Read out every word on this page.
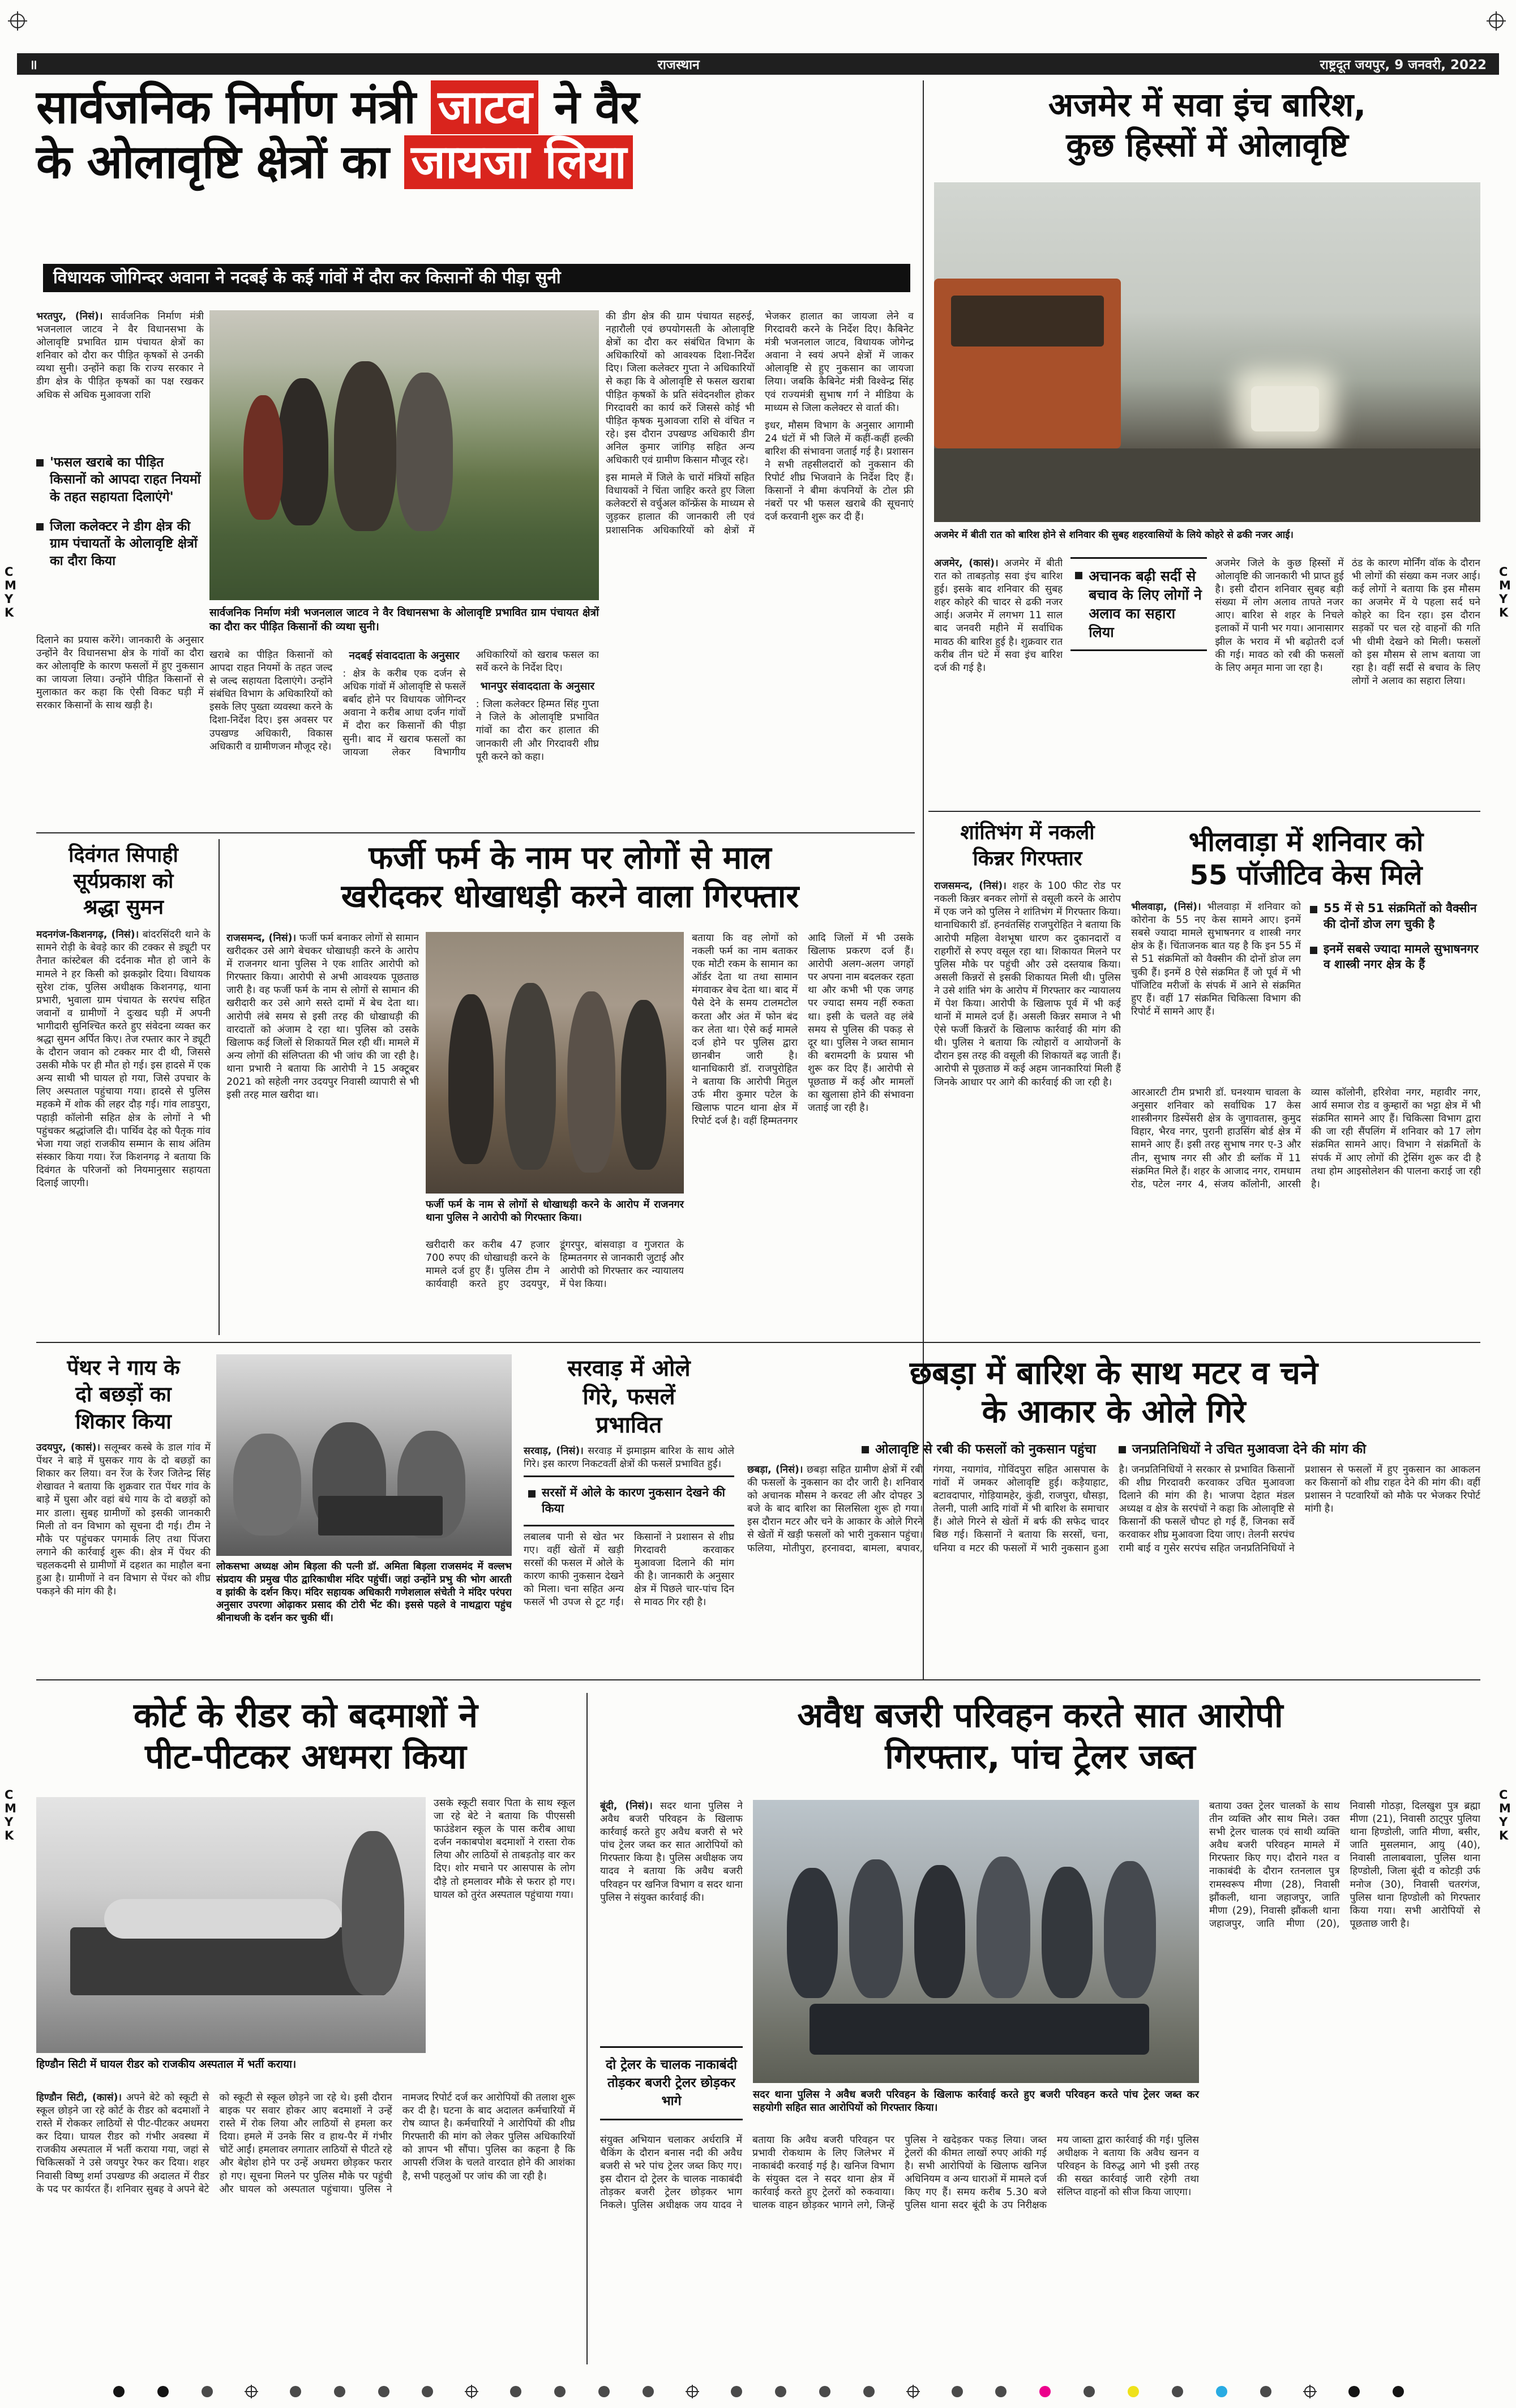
C
M
Y
K
C
M
Y
K
C
M
Y
K
C
M
Y
K
॥	राजस्थान	राष्ट्रदूत जयपुर, 9 जनवरी, 2022
सार्वजनिक निर्माण मंत्री जाटव ने वैर
के ओलावृष्टि क्षेत्रों का जायजा लिया
विधायक जोगिन्दर अवाना ने नदबई के कई गांवों में दौरा कर किसानों की पीड़ा सुनी

भरतपुर, (निसं)। सार्वजनिक निर्माण मंत्री भजनलाल जाटव ने वैर विधानसभा के ओलावृष्टि प्रभावित ग्राम पंचायत क्षेत्रों का शनिवार को दौरा कर पीड़ित कृषकों से उनकी व्यथा सुनी। उन्होंने कहा कि राज्य सरकार ने डीग क्षेत्र के पीड़ित कृषकों का पक्ष रखकर अधिक से अधिक मुआवजा राशि

'फसल खराबे का पीड़ित किसानों को आपदा राहत नियमों के तहत सहायता दिलाएंगे'
जिला कलेक्टर ने डीग क्षेत्र की ग्राम पंचायतों के ओलावृष्टि क्षेत्रों का दौरा किया

दिलाने का प्रयास करेंगे। जानकारी के अनुसार उन्होंने वैर विधानसभा क्षेत्र के गांवों का दौरा कर ओलावृष्टि के कारण फसलों में हुए नुकसान का जायजा लिया। उन्होंने पीड़ित किसानों से मुलाकात कर कहा कि ऐसी विकट घड़ी में सरकार किसानों के साथ खड़ी है।

सार्वजनिक निर्माण मंत्री भजनलाल जाटव ने वैर विधानसभा के ओलावृष्टि प्रभावित ग्राम पंचायत क्षेत्रों का दौरा कर पीड़ित किसानों की व्यथा सुनी।

खराबे का पीड़ित किसानों को आपदा राहत नियमों के तहत जल्द से जल्द सहायता दिलाएंगे। उन्होंने संबंधित विभाग के अधिकारियों को इसके लिए पुख्ता व्यवस्था करने के दिशा-निर्देश दिए। इस अवसर पर उपखण्ड अधिकारी, विकास अधिकारी व ग्रामीणजन मौजूद रहे।

नदबई संवाददाता के अनुसार

: क्षेत्र के करीब एक दर्जन से अधिक गांवों में ओलावृष्टि से फसलें बर्बाद होने पर विधायक जोगिन्दर अवाना ने करीब आधा दर्जन गांवों में दौरा कर किसानों की पीड़ा सुनी। बाद में खराब फसलों का जायजा लेकर विभागीय अधिकारियों को खराब फसल का सर्वे करने के निर्देश दिए।

भानपुर संवाददाता के अनुसार

: जिला कलेक्टर हिम्मत सिंह गुप्ता ने जिले के ओलावृष्टि प्रभावित गांवों का दौरा कर हालात की जानकारी ली और गिरदावरी शीघ्र पूरी करने को कहा।

की डीग क्षेत्र की ग्राम पंचायत सहरुई, नहारौली एवं छपयोगसती के ओलावृष्टि क्षेत्रों का दौरा कर संबंधित विभाग के अधिकारियों को आवश्यक दिशा-निर्देश दिए। जिला कलेक्टर गुप्ता ने अधिकारियों से कहा कि वे ओलावृष्टि से फसल खराबा पीड़ित कृषकों के प्रति संवेदनशील होकर गिरदावरी का कार्य करें जिससे कोई भी पीड़ित कृषक मुआवजा राशि से वंचित न रहे। इस दौरान उपखण्ड अधिकारी डीग अनिल कुमार जांगिड़ सहित अन्य अधिकारी एवं ग्रामीण किसान मौजूद रहे।

इस मामले में जिले के चारों मंत्रियों सहित विधायकों ने चिंता जाहिर करते हुए जिला कलेक्टरों से वर्चुअल कॉन्फ्रेंस के माध्यम से जुड़कर हालात की जानकारी ली एवं प्रशासनिक अधिकारियों को क्षेत्रों में भेजकर हालात का जायजा लेने व गिरदावरी करने के निर्देश दिए। कैबिनेट मंत्री भजनलाल जाटव, विधायक जोगेन्द्र अवाना ने स्वयं अपने क्षेत्रों में जाकर ओलावृष्टि से हुए नुकसान का जायजा लिया। जबकि कैबिनेट मंत्री विश्वेन्द्र सिंह एवं राज्यमंत्री सुभाष गर्ग ने मीडिया के माध्यम से जिला कलेक्टर से वार्ता की।

इधर, मौसम विभाग के अनुसार आगामी 24 घंटों में भी जिले में कहीं-कहीं हल्की बारिश की संभावना जताई गई है। प्रशासन ने सभी तहसीलदारों को नुकसान की रिपोर्ट शीघ्र भिजवाने के निर्देश दिए हैं। किसानों ने बीमा कंपनियों के टोल फ्री नंबरों पर भी फसल खराबे की सूचनाएं दर्ज करवानी शुरू कर दी हैं।

अजमेर में सवा इंच बारिश,
कुछ हिस्सों में ओलावृष्टि
अजमेर में बीती रात को बारिश होने से शनिवार की सुबह शहरवासियों के लिये कोहरे से ढकी नजर आई।

अजमेर, (कासं)। अजमेर में बीती रात को ताबड़तोड़ सवा इंच बारिश हुई। इसके बाद शनिवार की सुबह शहर कोहरे की चादर से ढकी नजर आई। अजमेर में लगभग 11 साल बाद जनवरी महीने में सर्वाधिक मावठ की बारिश हुई है। शुक्रवार रात करीब तीन घंटे में सवा इंच बारिश दर्ज की गई है।

अचानक बढ़ी सर्दी से बचाव के लिए लोगों ने अलाव का सहारा लिया

अजमेर जिले के कुछ हिस्सों में ओलावृष्टि की जानकारी भी प्राप्त हुई है। इसी दौरान शनिवार सुबह बड़ी संख्या में लोग अलाव तापते नजर आए। बारिश से शहर के निचले इलाकों में पानी भर गया। आनासागर झील के भराव में भी बढ़ोतरी दर्ज की गई। मावठ को रबी की फसलों के लिए अमृत माना जा रहा है।

ठंड के कारण मोर्निंग वॉक के दौरान भी लोगों की संख्या कम नजर आई। कई लोगों ने बताया कि इस मौसम का अजमेर में ये पहला सर्द घने कोहरे का दिन रहा। इस दौरान सड़कों पर चल रहे वाहनों की गति भी धीमी देखने को मिली। फसलों को इस मौसम से लाभ बताया जा रहा है। वहीं सर्दी से बचाव के लिए लोगों ने अलाव का सहारा लिया।

दिवंगत सिपाही
सूर्यप्रकाश को
श्रद्धा सुमन

मदनगंज-किशनगढ़, (निसं)। बांदरसिंदरी थाने के सामने रोड़ी के बेवड़े कार की टक्कर से ड्यूटी पर तैनात कांस्टेबल की दर्दनाक मौत हो जाने के मामले ने हर किसी को झकझोर दिया। विधायक सुरेश टांक, पुलिस अधीक्षक किशनगढ़, थाना प्रभारी, भुवाला ग्राम पंचायत के सरपंच सहित जवानों व ग्रामीणों ने दुःखद घड़ी में अपनी भागीदारी सुनिश्चित करते हुए संवेदना व्यक्त कर श्रद्धा सुमन अर्पित किए। तेज रफ्तार कार ने ड्यूटी के दौरान जवान को टक्कर मार दी थी, जिससे उसकी मौके पर ही मौत हो गई। इस हादसे में एक अन्य साथी भी घायल हो गया, जिसे उपचार के लिए अस्पताल पहुंचाया गया। हादसे से पुलिस महकमे में शोक की लहर दौड़ गई। गांव लाडपुरा, पहाड़ी कॉलोनी सहित क्षेत्र के लोगों ने भी पहुंचकर श्रद्धांजलि दी। पार्थिव देह को पैतृक गांव भेजा गया जहां राजकीय सम्मान के साथ अंतिम संस्कार किया गया। रेंज किशनगढ़ ने बताया कि दिवंगत के परिजनों को नियमानुसार सहायता दिलाई जाएगी।

फर्जी फर्म के नाम पर लोगों से माल
खरीदकर धोखाधड़ी करने वाला गिरफ्तार

राजसमन्द, (निसं)। फर्जी फर्म बनाकर लोगों से सामान खरीदकर उसे आगे बेचकर धोखाधड़ी करने के आरोप में राजनगर थाना पुलिस ने एक शातिर आरोपी को गिरफ्तार किया। आरोपी से अभी आवश्यक पूछताछ जारी है। वह फर्जी फर्म के नाम से लोगों से सामान की खरीदारी कर उसे आगे सस्ते दामों में बेच देता था। आरोपी लंबे समय से इसी तरह की धोखाधड़ी की वारदातों को अंजाम दे रहा था। पुलिस को उसके खिलाफ कई जिलों से शिकायतें मिल रही थीं। मामले में अन्य लोगों की संलिप्तता की भी जांच की जा रही है। थाना प्रभारी ने बताया कि आरोपी ने 15 अक्टूबर 2021 को सहेली नगर उदयपुर निवासी व्यापारी से भी इसी तरह माल खरीदा था।

फर्जी फर्म के नाम से लोगों से धोखाधड़ी करने के आरोप में राजनगर थाना पुलिस ने आरोपी को गिरफ्तार किया।

खरीदारी कर करीब 47 हजार 700 रुपए की धोखाधड़ी करने के मामले दर्ज हुए हैं। पुलिस टीम ने कार्यवाही करते हुए उदयपुर, डूंगरपुर, बांसवाड़ा व गुजरात के हिम्मतनगर से जानकारी जुटाई और आरोपी को गिरफ्तार कर न्यायालय में पेश किया।

बताया कि वह लोगों को नकली फर्म का नाम बताकर एक मोटी रकम के सामान का ऑर्डर देता था तथा सामान मंगवाकर बेच देता था। बाद में पैसे देने के समय टालमटोल करता और अंत में फोन बंद कर लेता था। ऐसे कई मामले दर्ज होने पर पुलिस द्वारा छानबीन जारी है। थानाधिकारी डॉ. राजपुरोहित ने बताया कि आरोपी मितुल उर्फ मीरा कुमार पटेल के खिलाफ पाटन थाना क्षेत्र में रिपोर्ट दर्ज है। वहीं हिम्मतनगर आदि जिलों में भी उसके खिलाफ प्रकरण दर्ज हैं। आरोपी अलग-अलग जगहों पर अपना नाम बदलकर रहता था और कभी भी एक जगह पर ज्यादा समय नहीं रुकता था। इसी के चलते वह लंबे समय से पुलिस की पकड़ से दूर था। पुलिस ने जब्त सामान की बरामदगी के प्रयास भी शुरू कर दिए हैं। आरोपी से पूछताछ में कई और मामलों का खुलासा होने की संभावना जताई जा रही है।

शांतिभंग में नकली
किन्नर गिरफ्तार

राजसमन्द, (निसं)। शहर के 100 फीट रोड पर नकली किन्नर बनकर लोगों से वसूली करने के आरोप में एक जने को पुलिस ने शांतिभंग में गिरफ्तार किया। थानाधिकारी डॉ. हनवंतसिंह राजपुरोहित ने बताया कि आरोपी महिला वेशभूषा धारण कर दुकानदारों व राहगीरों से रुपए वसूल रहा था। शिकायत मिलने पर पुलिस मौके पर पहुंची और उसे दस्तयाब किया। असली किन्नरों से इसकी शिकायत मिली थी। पुलिस ने उसे शांति भंग के आरोप में गिरफ्तार कर न्यायालय में पेश किया। आरोपी के खिलाफ पूर्व में भी कई थानों में मामले दर्ज हैं। असली किन्नर समाज ने भी ऐसे फर्जी किन्नरों के खिलाफ कार्रवाई की मांग की थी। पुलिस ने बताया कि त्योहारों व आयोजनों के दौरान इस तरह की वसूली की शिकायतें बढ़ जाती हैं। आरोपी से पूछताछ में कई अहम जानकारियां मिली हैं जिनके आधार पर आगे की कार्रवाई की जा रही है।

भीलवाड़ा में शनिवार को
55 पॉजीटिव केस मिले

भीलवाड़ा, (निसं)। भीलवाड़ा में शनिवार को कोरोना के 55 नए केस सामने आए। इनमें सबसे ज्यादा मामले सुभाषनगर व शास्त्री नगर क्षेत्र के हैं। चिंताजनक बात यह है कि इन 55 में से 51 संक्रमितों को वैक्सीन की दोनों डोज लग चुकी हैं। इनमें 8 ऐसे संक्रमित हैं जो पूर्व में भी पॉजिटिव मरीजों के संपर्क में आने से संक्रमित हुए हैं। वहीं 17 संक्रमित चिकित्सा विभाग की रिपोर्ट में सामने आए हैं।

55 में से 51 संक्रमितों को वैक्सीन की दोनों डोज लग चुकी है
इनमें सबसे ज्यादा मामले सुभाषनगर व शास्त्री नगर क्षेत्र के हैं

आरआरटी टीम प्रभारी डॉ. घनश्याम चावला के अनुसार शनिवार को सर्वाधिक 17 केस शास्त्रीनगर डिस्पेंसरी क्षेत्र के जुगावतास, कुमुद विहार, भैरव नगर, पुरानी हाउसिंग बोर्ड क्षेत्र में सामने आए हैं। इसी तरह सुभाष नगर ए-3 और तीन, सुभाष नगर सी और डी ब्लॉक में 11 संक्रमित मिले हैं। शहर के आजाद नगर, रामधाम रोड, पटेल नगर 4, संजय कॉलोनी, आरसी व्यास कॉलोनी, हरिशेवा नगर, महावीर नगर, आर्य समाज रोड व कुम्हारों का भट्टा क्षेत्र में भी संक्रमित सामने आए हैं। चिकित्सा विभाग द्वारा की जा रही सैंपलिंग में शनिवार को 17 लोग संक्रमित सामने आए। विभाग ने संक्रमितों के संपर्क में आए लोगों की ट्रेसिंग शुरू कर दी है तथा होम आइसोलेशन की पालना कराई जा रही है।

पेंथर ने गाय के
दो बछड़ों का
शिकार किया

उदयपुर, (कासं)। सलूम्बर कस्बे के डाल गांव में पेंथर ने बाड़े में घुसकर गाय के दो बछड़ों का शिकार कर लिया। वन रेंज के रेंजर जितेन्द्र सिंह शेखावत ने बताया कि शुक्रवार रात पेंथर गांव के बाड़े में घुसा और वहां बंधे गाय के दो बछड़ों को मार डाला। सुबह ग्रामीणों को इसकी जानकारी मिली तो वन विभाग को सूचना दी गई। टीम ने मौके पर पहुंचकर पगमार्क लिए तथा पिंजरा लगाने की कार्रवाई शुरू की। क्षेत्र में पेंथर की चहलकदमी से ग्रामीणों में दहशत का माहौल बना हुआ है। ग्रामीणों ने वन विभाग से पेंथर को शीघ्र पकड़ने की मांग की है।

लोकसभा अध्यक्ष ओम बिड़ला की पत्नी डॉ. अमिता बिड़ला राजसमंद में वल्लभ संप्रदाय की प्रमुख पीठ द्वारिकाधीश मंदिर पहुंचीं। जहां उन्होंने प्रभु की भोग आरती व झांकी के दर्शन किए। मंदिर सहायक अधिकारी गणेशलाल संचेती ने मंदिर परंपरा अनुसार उपरणा ओढ़ाकर प्रसाद की टोरी भेंट की। इससे पहले वे नाथद्वारा पहुंच श्रीनाथजी के दर्शन कर चुकी थीं।
सरवाड़ में ओले
गिरे, फसलें
प्रभावित

सरवाड़, (निसं)। सरवाड़ में झमाझम बारिश के साथ ओले गिरे। इस कारण निकटवर्ती क्षेत्रों की फसलें प्रभावित हुईं।

सरसों में ओले के कारण नुकसान देखने की किया

लबालब पानी से खेत भर गए। वहीं खेतों में खड़ी सरसों की फसल में ओले के कारण काफी नुकसान देखने को मिला। चना सहित अन्य फसलें भी उपज से टूट गईं। किसानों ने प्रशासन से शीघ्र गिरदावरी करवाकर मुआवजा दिलाने की मांग की है। जानकारी के अनुसार क्षेत्र में पिछले चार-पांच दिन से मावठ गिर रही है।

छबड़ा में बारिश के साथ मटर व चने
के आकार के ओले गिरे
ओलावृष्टि से रबी की फसलों को नुकसान पहुंचा	जनप्रतिनिधियों ने उचित मुआवजा देने की मांग की

छबड़ा, (निसं)। छबड़ा सहित ग्रामीण क्षेत्रों में रबी की फसलों के नुकसान का दौर जारी है। शनिवार को अचानक मौसम ने करवट ली और दोपहर 3 बजे के बाद बारिश का सिलसिला शुरू हो गया। इस दौरान मटर और चने के आकार के ओले गिरने से खेतों में खड़ी फसलों को भारी नुकसान पहुंचा। फलिया, मोतीपुरा, हरनावदा, बामला, बपावर, गंगया, नयागांव, गोविंदपुरा सहित आसपास के गांवों में जमकर ओलावृष्टि हुई। कड़ैयाहाट, बटावदापार, गोड़ियामहेर, कुंडी, राजपुरा, धौसड़ा, तेलनी, पाली आदि गांवों में भी बारिश के समाचार हैं। ओले गिरने से खेतों में बर्फ की सफेद चादर बिछ गई। किसानों ने बताया कि सरसों, चना, धनिया व मटर की फसलों में भारी नुकसान हुआ है। जनप्रतिनिधियों ने सरकार से प्रभावित किसानों की शीघ्र गिरदावरी करवाकर उचित मुआवजा दिलाने की मांग की है। भाजपा देहात मंडल अध्यक्ष व क्षेत्र के सरपंचों ने कहा कि ओलावृष्टि से किसानों की फसलें चौपट हो गई हैं, जिनका सर्वे करवाकर शीघ्र मुआवजा दिया जाए। तेलनी सरपंच रामी बाई व गुसेर सरपंच सहित जनप्रतिनिधियों ने प्रशासन से फसलों में हुए नुकसान का आकलन कर किसानों को शीघ्र राहत देने की मांग की। वहीं प्रशासन ने पटवारियों को मौके पर भेजकर रिपोर्ट मांगी है।

कोर्ट के रीडर को बदमाशों ने
पीट-पीटकर अधमरा किया
हिण्डौन सिटी में घायल रीडर को राजकीय अस्पताल में भर्ती कराया।

उसके स्कूटी सवार पिता के साथ स्कूल जा रहे बेटे ने बताया कि पीएससी फाउंडेशन स्कूल के पास करीब आधा दर्जन नकाबपोश बदमाशों ने रास्ता रोक लिया और लाठियों से ताबड़तोड़ वार कर दिए। शोर मचाने पर आसपास के लोग दौड़े तो हमलावर मौके से फरार हो गए। घायल को तुरंत अस्पताल पहुंचाया गया।

हिण्डौन सिटी, (कासं)। अपने बेटे को स्कूटी से स्कूल छोड़ने जा रहे कोर्ट के रीडर को बदमाशों ने रास्ते में रोककर लाठियों से पीट-पीटकर अधमरा कर दिया। घायल रीडर को गंभीर अवस्था में राजकीय अस्पताल में भर्ती कराया गया, जहां से चिकित्सकों ने उसे जयपुर रेफर कर दिया। शहर निवासी विष्णु शर्मा उपखण्ड की अदालत में रीडर के पद पर कार्यरत हैं। शनिवार सुबह वे अपने बेटे को स्कूटी से स्कूल छोड़ने जा रहे थे। इसी दौरान बाइक पर सवार होकर आए बदमाशों ने उन्हें रास्ते में रोक लिया और लाठियों से हमला कर दिया। हमले में उनके सिर व हाथ-पैर में गंभीर चोटें आईं। हमलावर लगातार लाठियों से पीटते रहे और बेहोश होने पर उन्हें अधमरा छोड़कर फरार हो गए। सूचना मिलने पर पुलिस मौके पर पहुंची और घायल को अस्पताल पहुंचाया। पुलिस ने नामजद रिपोर्ट दर्ज कर आरोपियों की तलाश शुरू कर दी है। घटना के बाद अदालत कर्मचारियों में रोष व्याप्त है। कर्मचारियों ने आरोपियों की शीघ्र गिरफ्तारी की मांग को लेकर पुलिस अधिकारियों को ज्ञापन भी सौंपा। पुलिस का कहना है कि आपसी रंजिश के चलते वारदात होने की आशंका है, सभी पहलुओं पर जांच की जा रही है।

अवैध बजरी परिवहन करते सात आरोपी
गिरफ्तार, पांच ट्रेलर जब्त

बूंदी, (निसं)। सदर थाना पुलिस ने अवैध बजरी परिवहन के खिलाफ कार्रवाई करते हुए अवैध बजरी से भरे पांच ट्रेलर जब्त कर सात आरोपियों को गिरफ्तार किया है। पुलिस अधीक्षक जय यादव ने बताया कि अवैध बजरी परिवहन पर खनिज विभाग व सदर थाना पुलिस ने संयुक्त कार्रवाई की।

दो ट्रेलर के चालक नाकाबंदी तोड़कर बजरी ट्रेलर छोड़कर भागे	सदर थाना पुलिस ने अवैध बजरी परिवहन के खिलाफ कार्रवाई करते हुए बजरी परिवहन करते पांच ट्रेलर जब्त कर सहयोगी सहित सात आरोपियों को गिरफ्तार किया।

बताया उक्त ट्रेलर चालकों के साथ तीन व्यक्ति और साथ मिले। उक्त सभी ट्रेलर चालक एवं साथी व्यक्ति अवैध बजरी परिवहन मामले में गिरफ्तार किए गए। दौराने गश्त व नाकाबंदी के दौरान रतनलाल पुत्र रामस्वरूप मीणा (28), निवासी झौंकली, थाना जहाजपुर, जाति मीणा (29), निवासी झौंकली थाना जहाजपुर, जाति मीणा (20), निवासी गोठड़ा, दिलखुश पुत्र ब्रह्मा मीणा (21), निवासी ठाट्पुर पुलिया थाना हिण्डोली, जाति मीणा, बसीर, जाति मुसलमान, आयु (40), निवासी तालाबवाला, पुलिस थाना हिण्डोली, जिला बूंदी व कोटड़ी उर्फ मनोज (30), निवासी चतरगंज, पुलिस थाना हिण्डोली को गिरफ्तार किया गया। सभी आरोपियों से पूछताछ जारी है।

संयुक्त अभियान चलाकर अर्धरात्रि में चैकिंग के दौरान बनास नदी की अवैध बजरी से भरे पांच ट्रेलर जब्त किए गए। इस दौरान दो ट्रेलर के चालक नाकाबंदी तोड़कर बजरी ट्रेलर छोड़कर भाग निकले। पुलिस अधीक्षक जय यादव ने बताया कि अवैध बजरी परिवहन पर प्रभावी रोकथाम के लिए जिलेभर में नाकाबंदी करवाई गई है। खनिज विभाग के संयुक्त दल ने सदर थाना क्षेत्र में कार्रवाई करते हुए ट्रेलरों को रुकवाया। चालक वाहन छोड़कर भागने लगे, जिन्हें पुलिस ने खदेड़कर पकड़ लिया। जब्त ट्रेलरों की कीमत लाखों रुपए आंकी गई है। सभी आरोपियों के खिलाफ खनिज अधिनियम व अन्य धाराओं में मामले दर्ज किए गए हैं। समय करीब 5.30 बजे पुलिस थाना सदर बूंदी के उप निरीक्षक मय जाब्ता द्वारा कार्रवाई की गई। पुलिस अधीक्षक ने बताया कि अवैध खनन व परिवहन के विरुद्ध आगे भी इसी तरह की सख्त कार्रवाई जारी रहेगी तथा संलिप्त वाहनों को सीज किया जाएगा।
